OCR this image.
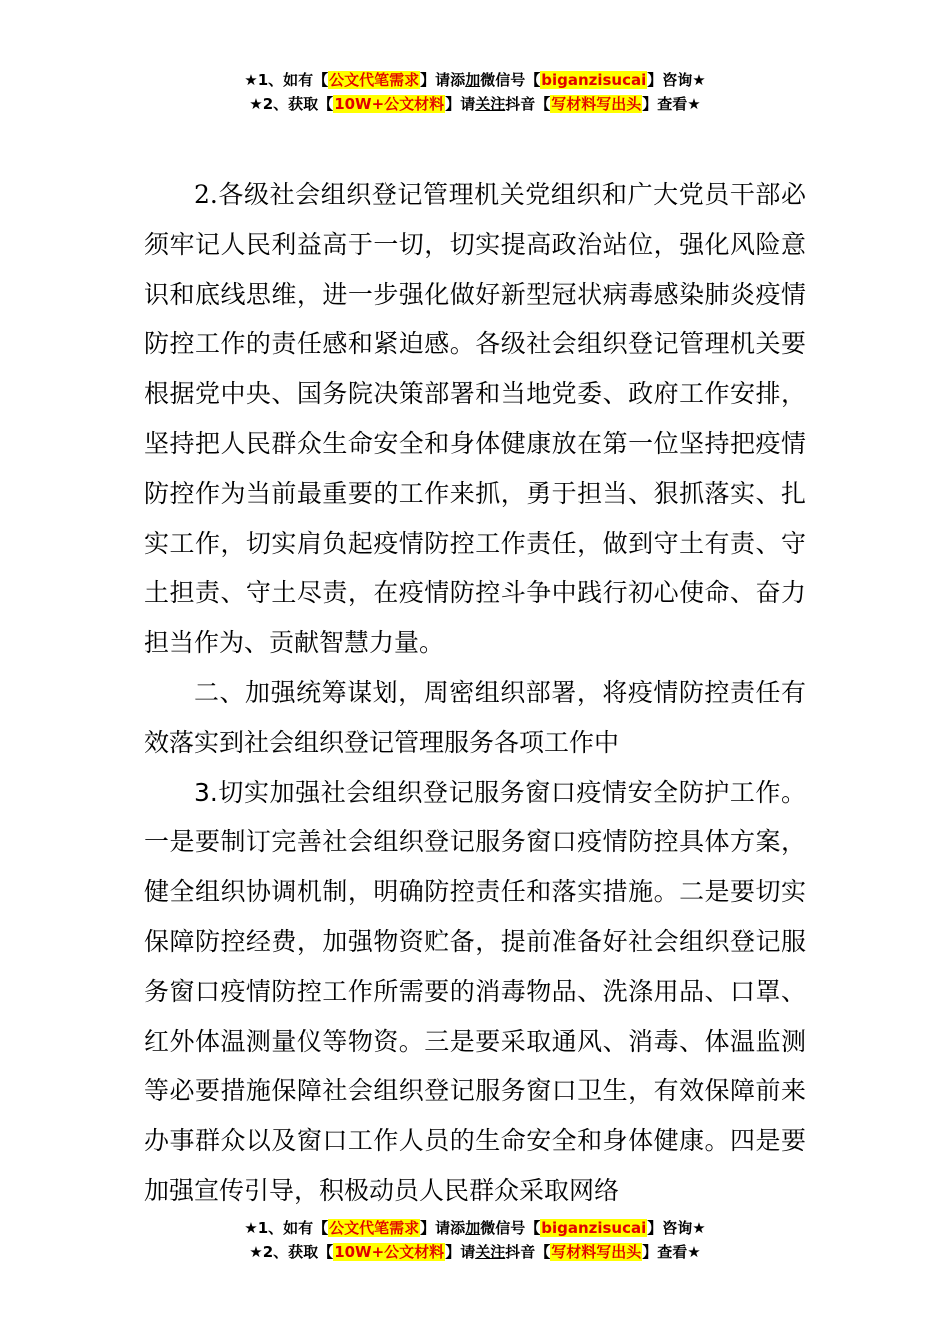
★1、如有【公文代笔需求】请添加微信号【biganzisucai】咨询★
★2、获取【10W+公文材料】请关注抖音【写材料写出头】查看★

2.各级社会组织登记管理机关党组织和广大党员干部必须牢记人民利益高于一切，切实提高政治站位，强化风险意识和底线思维，进一步强化做好新型冠状病毒感染肺炎疫情防控工作的责任感和紧迫感。各级社会组织登记管理机关要根据党中央、国务院决策部署和当地党委、政府工作安排，坚持把人民群众生命安全和身体健康放在第一位坚持把疫情防控作为当前最重要的工作来抓，勇于担当、狠抓落实、扎实工作，切实肩负起疫情防控工作责任，做到守土有责、守土担责、守土尽责，在疫情防控斗争中践行初心使命、奋力担当作为、贡献智慧力量。

二、加强统筹谋划，周密组织部署，将疫情防控责任有效落实到社会组织登记管理服务各项工作中

3.切实加强社会组织登记服务窗口疫情安全防护工作。一是要制订完善社会组织登记服务窗口疫情防控具体方案，健全组织协调机制，明确防控责任和落实措施。二是要切实保障防控经费，加强物资贮备，提前准备好社会组织登记服务窗口疫情防控工作所需要的消毒物品、洗涤用品、口罩、红外体温测量仪等物资。三是要采取通风、消毒、体温监测等必要措施保障社会组织登记服务窗口卫生，有效保障前来办事群众以及窗口工作人员的生命安全和身体健康。四是要加强宣传引导，积极动员人民群众采取网络

★1、如有【公文代笔需求】请添加微信号【biganzisucai】咨询★
★2、获取【10W+公文材料】请关注抖音【写材料写出头】查看★
